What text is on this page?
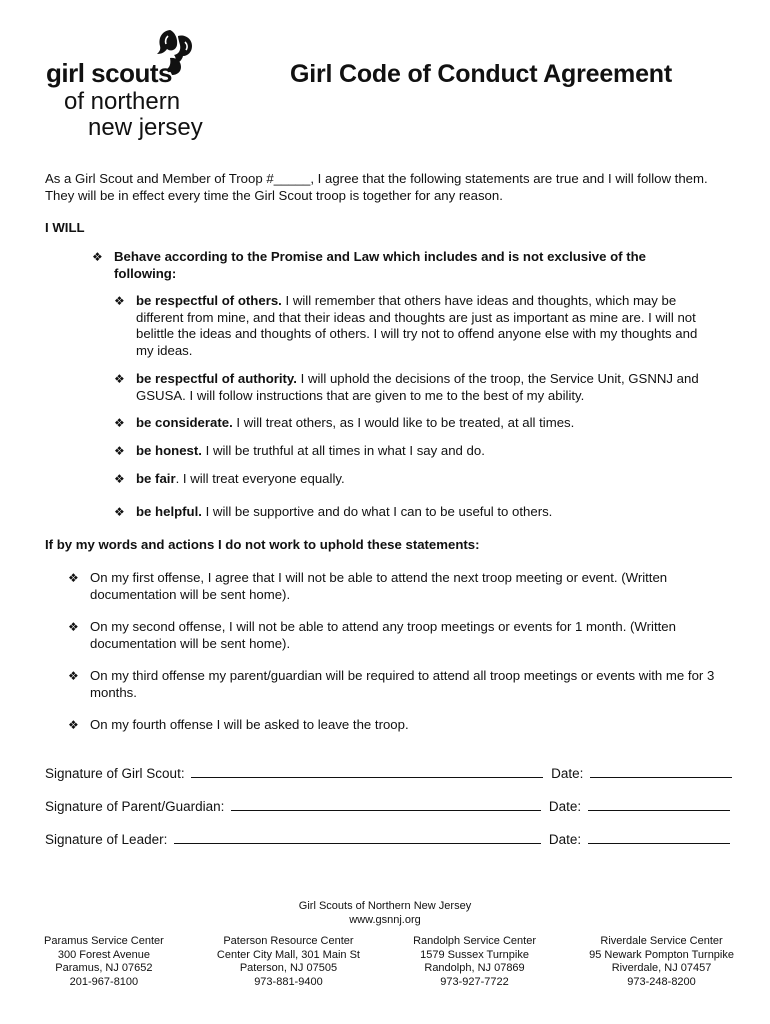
girl scouts
of northern
new jersey
Girl Code of Conduct Agreement
As a Girl Scout and Member of Troop #_____, I agree that the following statements are true and I will follow them. They will be in effect every time the Girl Scout troop is together for any reason.
I WILL
❖ Behave according to the Promise and Law which includes and is not exclusive of the following:
❖ be respectful of others. I will remember that others have ideas and thoughts, which may be different from mine, and that their ideas and thoughts are just as important as mine are. I will not belittle the ideas and thoughts of others. I will try not to offend anyone else with my thoughts and my ideas.
❖ be respectful of authority. I will uphold the decisions of the troop, the Service Unit, GSNNJ and GSUSA. I will follow instructions that are given to me to the best of my ability.
❖ be considerate. I will treat others, as I would like to be treated, at all times.
❖ be honest. I will be truthful at all times in what I say and do.
❖ be fair. I will treat everyone equally.
❖ be helpful. I will be supportive and do what I can to be useful to others.
If by my words and actions I do not work to uphold these statements:
❖ On my first offense, I agree that I will not be able to attend the next troop meeting or event. (Written documentation will be sent home).
❖ On my second offense, I will not be able to attend any troop meetings or events for 1 month. (Written documentation will be sent home).
❖ On my third offense my parent/guardian will be required to attend all troop meetings or events with me for 3 months.
❖ On my fourth offense I will be asked to leave the troop.
Signature of Girl Scout:	Date:
Signature of Parent/Guardian:	Date:
Signature of Leader:	Date:
Girl Scouts of Northern New Jersey
www.gsnnj.org
Paramus Service Center
300 Forest Avenue
Paramus, NJ 07652
201-967-8100
Paterson Resource Center
Center City Mall, 301 Main St
Paterson, NJ 07505
973-881-9400
Randolph Service Center
1579 Sussex Turnpike
Randolph, NJ 07869
973-927-7722
Riverdale Service Center
95 Newark Pompton Turnpike
Riverdale, NJ 07457
973-248-8200
